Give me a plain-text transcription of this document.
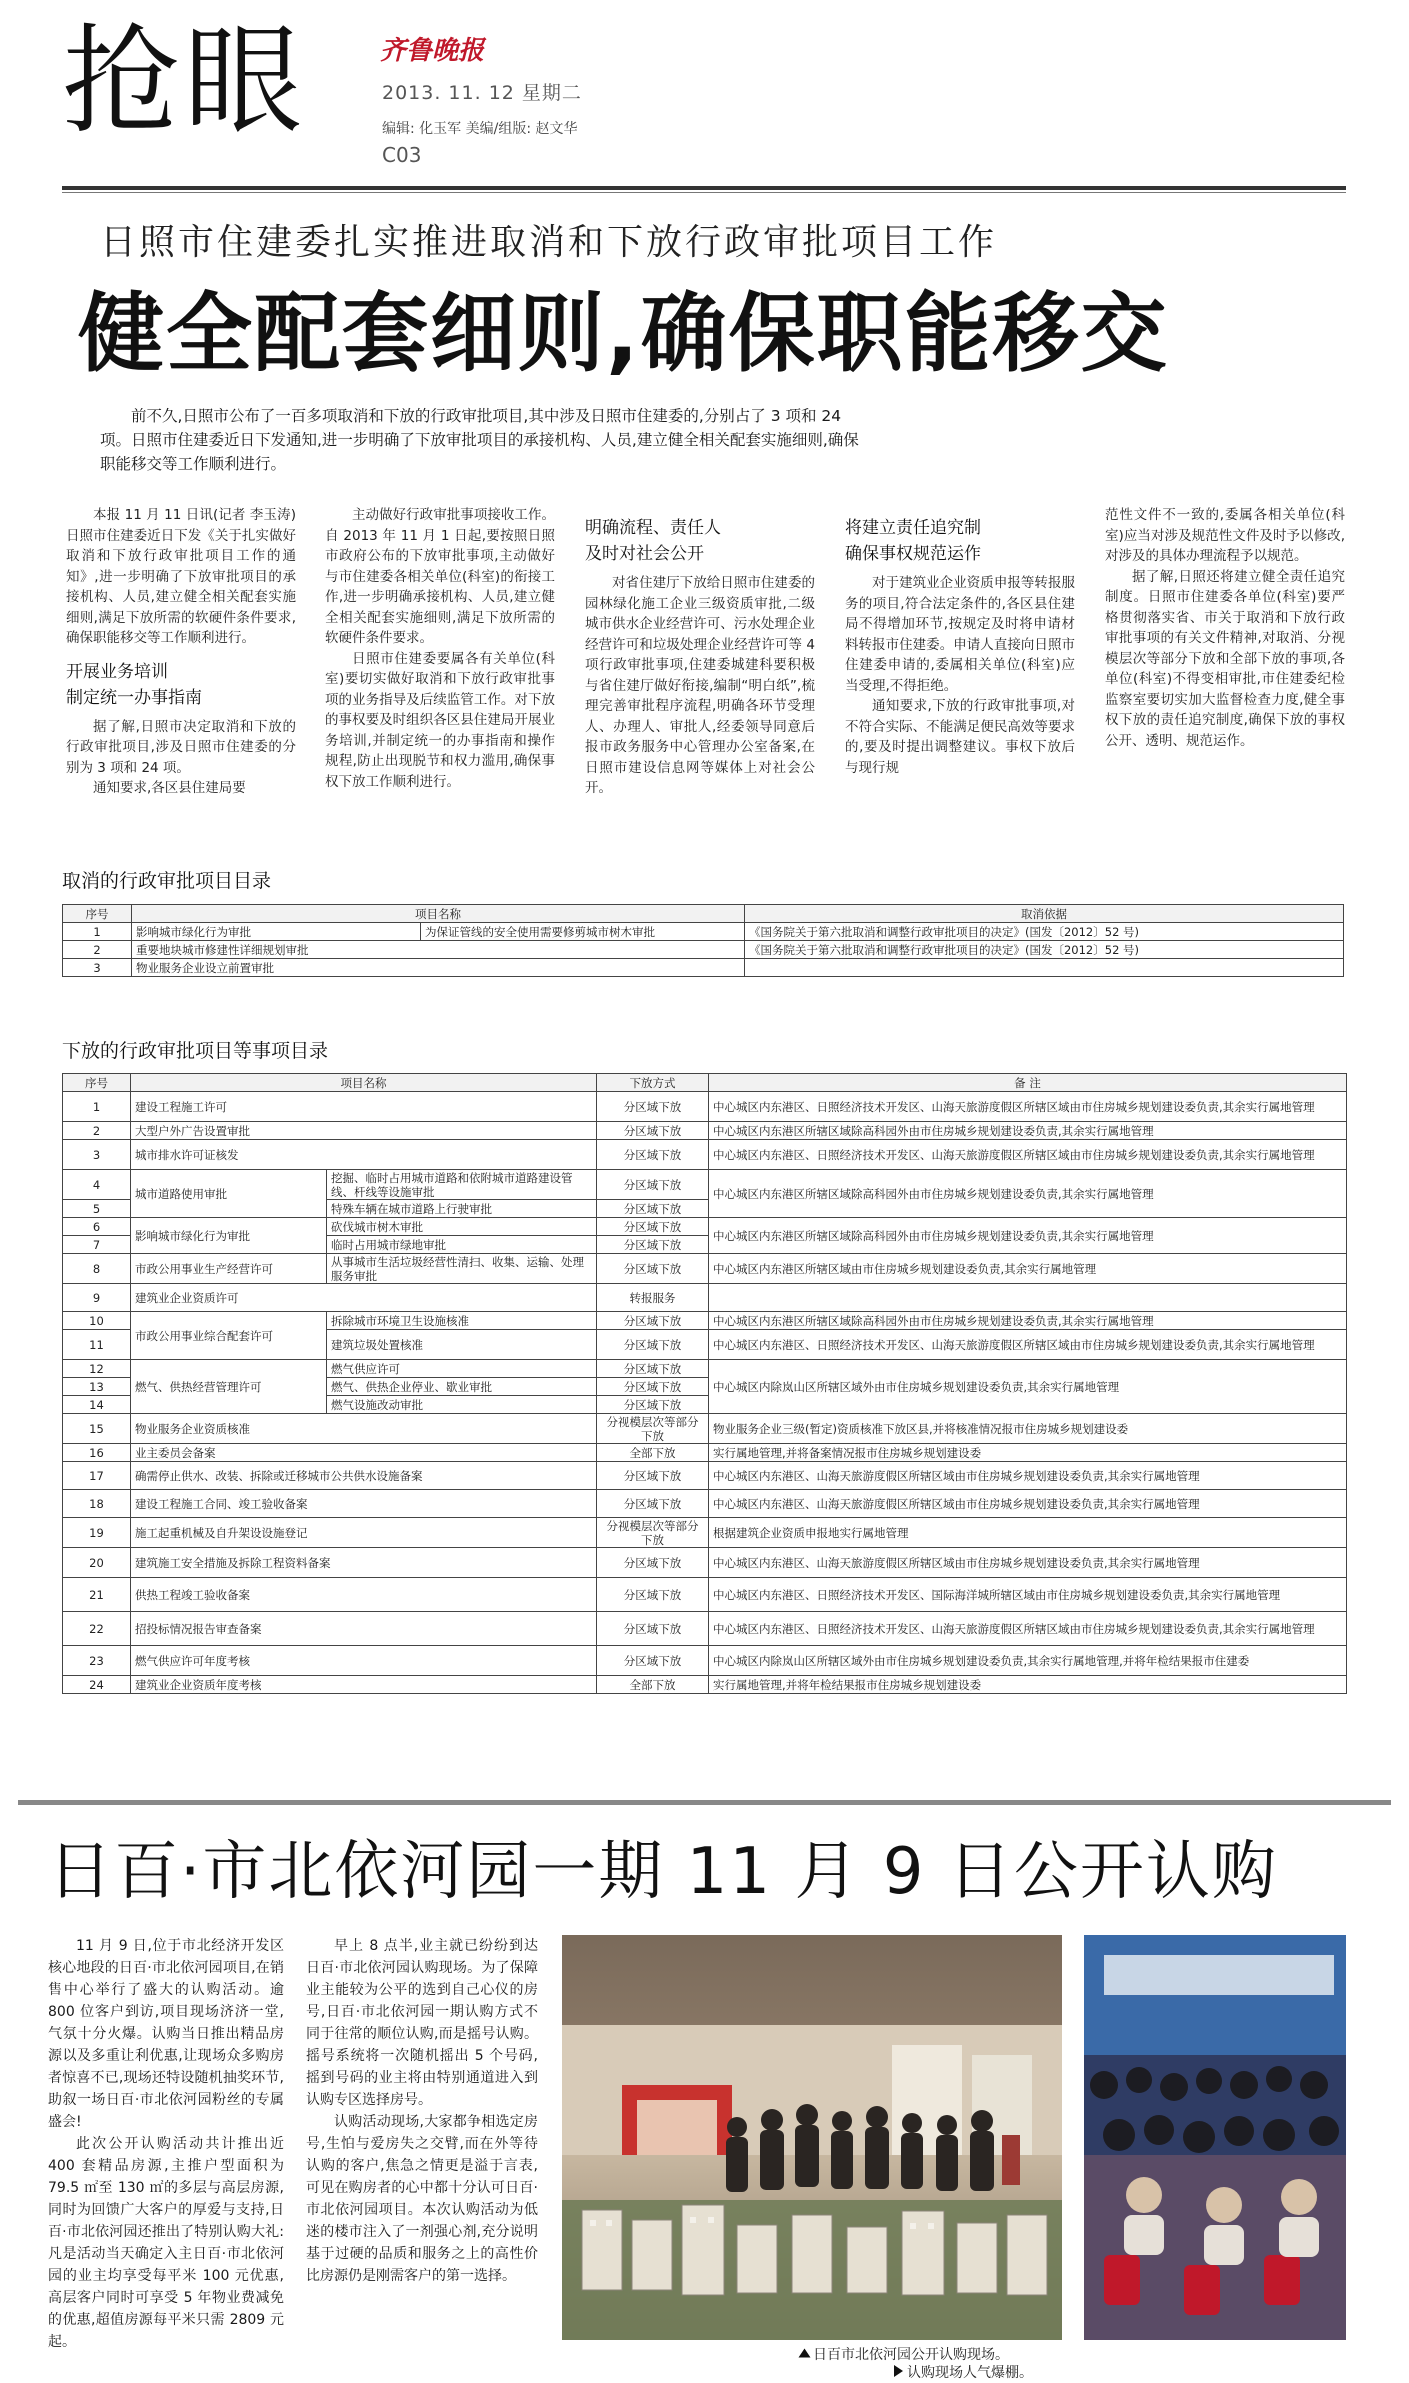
抢眼	齐鲁晚报
2013. 11. 12 星期二
编辑: 化玉军 美编/组版: 赵文华
C03
日照市住建委扎实推进取消和下放行政审批项目工作
健全配套细则,确保职能移交
前不久,日照市公布了一百多项取消和下放的行政审批项目,其中涉及日照市住建委的,分别占了 3 项和 24 项。日照市住建委近日下发通知,进一步明确了下放审批项目的承接机构、人员,建立健全相关配套实施细则,确保职能移交等工作顺利进行。

本报 11 月 11 日讯(记者 李玉涛) 日照市住建委近日下发《关于扎实做好取消和下放行政审批项目工作的通知》,进一步明确了下放审批项目的承接机构、人员,建立健全相关配套实施细则,满足下放所需的软硬件条件要求,确保职能移交等工作顺利进行。

开展业务培训
制定统一办事指南

据了解,日照市决定取消和下放的行政审批项目,涉及日照市住建委的分别为 3 项和 24 项。

通知要求,各区县住建局要

主动做好行政审批事项接收工作。自 2013 年 11 月 1 日起,要按照日照市政府公布的下放审批事项,主动做好与市住建委各相关单位(科室)的衔接工作,进一步明确承接机构、人员,建立健全相关配套实施细则,满足下放所需的软硬件条件要求。

日照市住建委要属各有关单位(科室)要切实做好取消和下放行政审批事项的业务指导及后续监管工作。对下放的事权要及时组织各区县住建局开展业务培训,并制定统一的办事指南和操作规程,防止出现脱节和权力滥用,确保事权下放工作顺利进行。

明确流程、责任人
及时对社会公开

对省住建厅下放给日照市住建委的园林绿化施工企业三级资质审批,二级城市供水企业经营许可、污水处理企业经营许可和垃圾处理企业经营许可等 4 项行政审批事项,住建委城建科要积极与省住建厅做好衔接,编制“明白纸”,梳理完善审批程序流程,明确各环节受理人、办理人、审批人,经委领导同意后报市政务服务中心管理办公室备案,在日照市建设信息网等媒体上对社会公开。

将建立责任追究制
确保事权规范运作

对于建筑业企业资质申报等转报服务的项目,符合法定条件的,各区县住建局不得增加环节,按规定及时将申请材料转报市住建委。申请人直接向日照市住建委申请的,委属相关单位(科室)应当受理,不得拒绝。

通知要求,下放的行政审批事项,对不符合实际、不能满足便民高效等要求的,要及时提出调整建议。事权下放后与现行规

范性文件不一致的,委属各相关单位(科室)应当对涉及规范性文件及时予以修改,对涉及的具体办理流程予以规范。

据了解,日照还将建立健全责任追究制度。日照市住建委各单位(科室)要严格贯彻落实省、市关于取消和下放行政审批事项的有关文件精神,对取消、分视模层次等部分下放和全部下放的事项,各单位(科室)不得变相审批,市住建委纪检监察室要切实加大监督检查力度,健全事权下放的责任追究制度,确保下放的事权公开、透明、规范运作。

取消的行政审批项目目录
序号	项目名称		取消依据
1	影响城市绿化行为审批	为保证管线的安全使用需要修剪城市树木审批	《国务院关于第六批取消和调整行政审批项目的决定》(国发〔2012〕52 号)
2	重要地块城市修建性详细规划审批		《国务院关于第六批取消和调整行政审批项目的决定》(国发〔2012〕52 号)
3	物业服务企业设立前置审批		
下放的行政审批项目等事项目录
序号	项目名称		下放方式	备 注
1	建设工程施工许可		分区域下放	中心城区内东港区、日照经济技术开发区、山海天旅游度假区所辖区域由市住房城乡规划建设委负责,其余实行属地管理
2	大型户外广告设置审批		分区域下放	中心城区内东港区所辖区域除高科园外由市住房城乡规划建设委负责,其余实行属地管理
3	城市排水许可证核发		分区域下放	中心城区内东港区、日照经济技术开发区、山海天旅游度假区所辖区域由市住房城乡规划建设委负责,其余实行属地管理
4	城市道路使用审批	挖掘、临时占用城市道路和依附城市道路建设管线、杆线等设施审批	分区域下放	中心城区内东港区所辖区域除高科园外由市住房城乡规划建设委负责,其余实行属地管理
5		特殊车辆在城市道路上行驶审批	分区域下放	
6	影响城市绿化行为审批	砍伐城市树木审批	分区域下放	中心城区内东港区所辖区域除高科园外由市住房城乡规划建设委负责,其余实行属地管理
7		临时占用城市绿地审批	分区域下放	
8	市政公用事业生产经营许可	从事城市生活垃圾经营性清扫、收集、运输、处理服务审批	分区域下放	中心城区内东港区所辖区域由市住房城乡规划建设委负责,其余实行属地管理
9	建筑业企业资质许可		转报服务	
10	市政公用事业综合配套许可	拆除城市环境卫生设施核准	分区域下放	中心城区内东港区所辖区域除高科园外由市住房城乡规划建设委负责,其余实行属地管理
11		建筑垃圾处置核准	分区域下放	中心城区内东港区、日照经济技术开发区、山海天旅游度假区所辖区域由市住房城乡规划建设委负责,其余实行属地管理
12	燃气、供热经营管理许可	燃气供应许可	分区域下放	中心城区内除岚山区所辖区域外由市住房城乡规划建设委负责,其余实行属地管理
13		燃气、供热企业停业、歇业审批	分区域下放	
14		燃气设施改动审批	分区域下放	
15	物业服务企业资质核准		分视模层次等部分下放	物业服务企业三级(暂定)资质核准下放区县,并将核准情况报市住房城乡规划建设委
16	业主委员会备案		全部下放	实行属地管理,并将备案情况报市住房城乡规划建设委
17	确需停止供水、改装、拆除或迁移城市公共供水设施备案		分区域下放	中心城区内东港区、山海天旅游度假区所辖区域由市住房城乡规划建设委负责,其余实行属地管理
18	建设工程施工合同、竣工验收备案		分区域下放	中心城区内东港区、山海天旅游度假区所辖区域由市住房城乡规划建设委负责,其余实行属地管理
19	施工起重机械及自升架设设施登记		分视模层次等部分下放	根据建筑企业资质申报地实行属地管理
20	建筑施工安全措施及拆除工程资料备案		分区域下放	中心城区内东港区、山海天旅游度假区所辖区域由市住房城乡规划建设委负责,其余实行属地管理
21	供热工程竣工验收备案		分区域下放	中心城区内东港区、日照经济技术开发区、国际海洋城所辖区域由市住房城乡规划建设委负责,其余实行属地管理
22	招投标情况报告审查备案		分区域下放	中心城区内东港区、日照经济技术开发区、山海天旅游度假区所辖区域由市住房城乡规划建设委负责,其余实行属地管理
23	燃气供应许可年度考核		分区域下放	中心城区内除岚山区所辖区域外由市住房城乡规划建设委负责,其余实行属地管理,并将年检结果报市住建委
24	建筑业企业资质年度考核		全部下放	实行属地管理,并将年检结果报市住房城乡规划建设委
日百·市北依河园一期 11 月 9 日公开认购

11 月 9 日,位于市北经济开发区核心地段的日百·市北依河园项目,在销售中心举行了盛大的认购活动。逾 800 位客户到访,项目现场济济一堂,气氛十分火爆。认购当日推出精品房源以及多重让利优惠,让现场众多购房者惊喜不已,现场还特设随机抽奖环节,助叙一场日百·市北依河园粉丝的专属盛会!

此次公开认购活动共计推出近 400 套精品房源,主推户型面积为 79.5 ㎡至 130 ㎡的多层与高层房源,同时为回馈广大客户的厚爱与支持,日百·市北依河园还推出了特别认购大礼:凡是活动当天确定入主日百·市北依河园的业主均享受每平米 100 元优惠,高层客户同时可享受 5 年物业费减免的优惠,超值房源每平米只需 2809 元起。

早上 8 点半,业主就已纷纷到达日百·市北依河园认购现场。为了保障业主能较为公平的选到自己心仪的房号,日百·市北依河园一期认购方式不同于往常的顺位认购,而是摇号认购。摇号系统将一次随机摇出 5 个号码,摇到号码的业主将由特别通道进入到认购专区选择房号。

认购活动现场,大家都争相选定房号,生怕与爱房失之交臂,而在外等待认购的客户,焦急之情更是溢于言表,可见在购房者的心中都十分认可日百·市北依河园项目。本次认购活动为低迷的楼市注入了一剂强心剂,充分说明基于过硬的品质和服务之上的高性价比房源仍是刚需客户的第一选择。

日百市北依河园公开认购现场。
认购现场人气爆棚。
